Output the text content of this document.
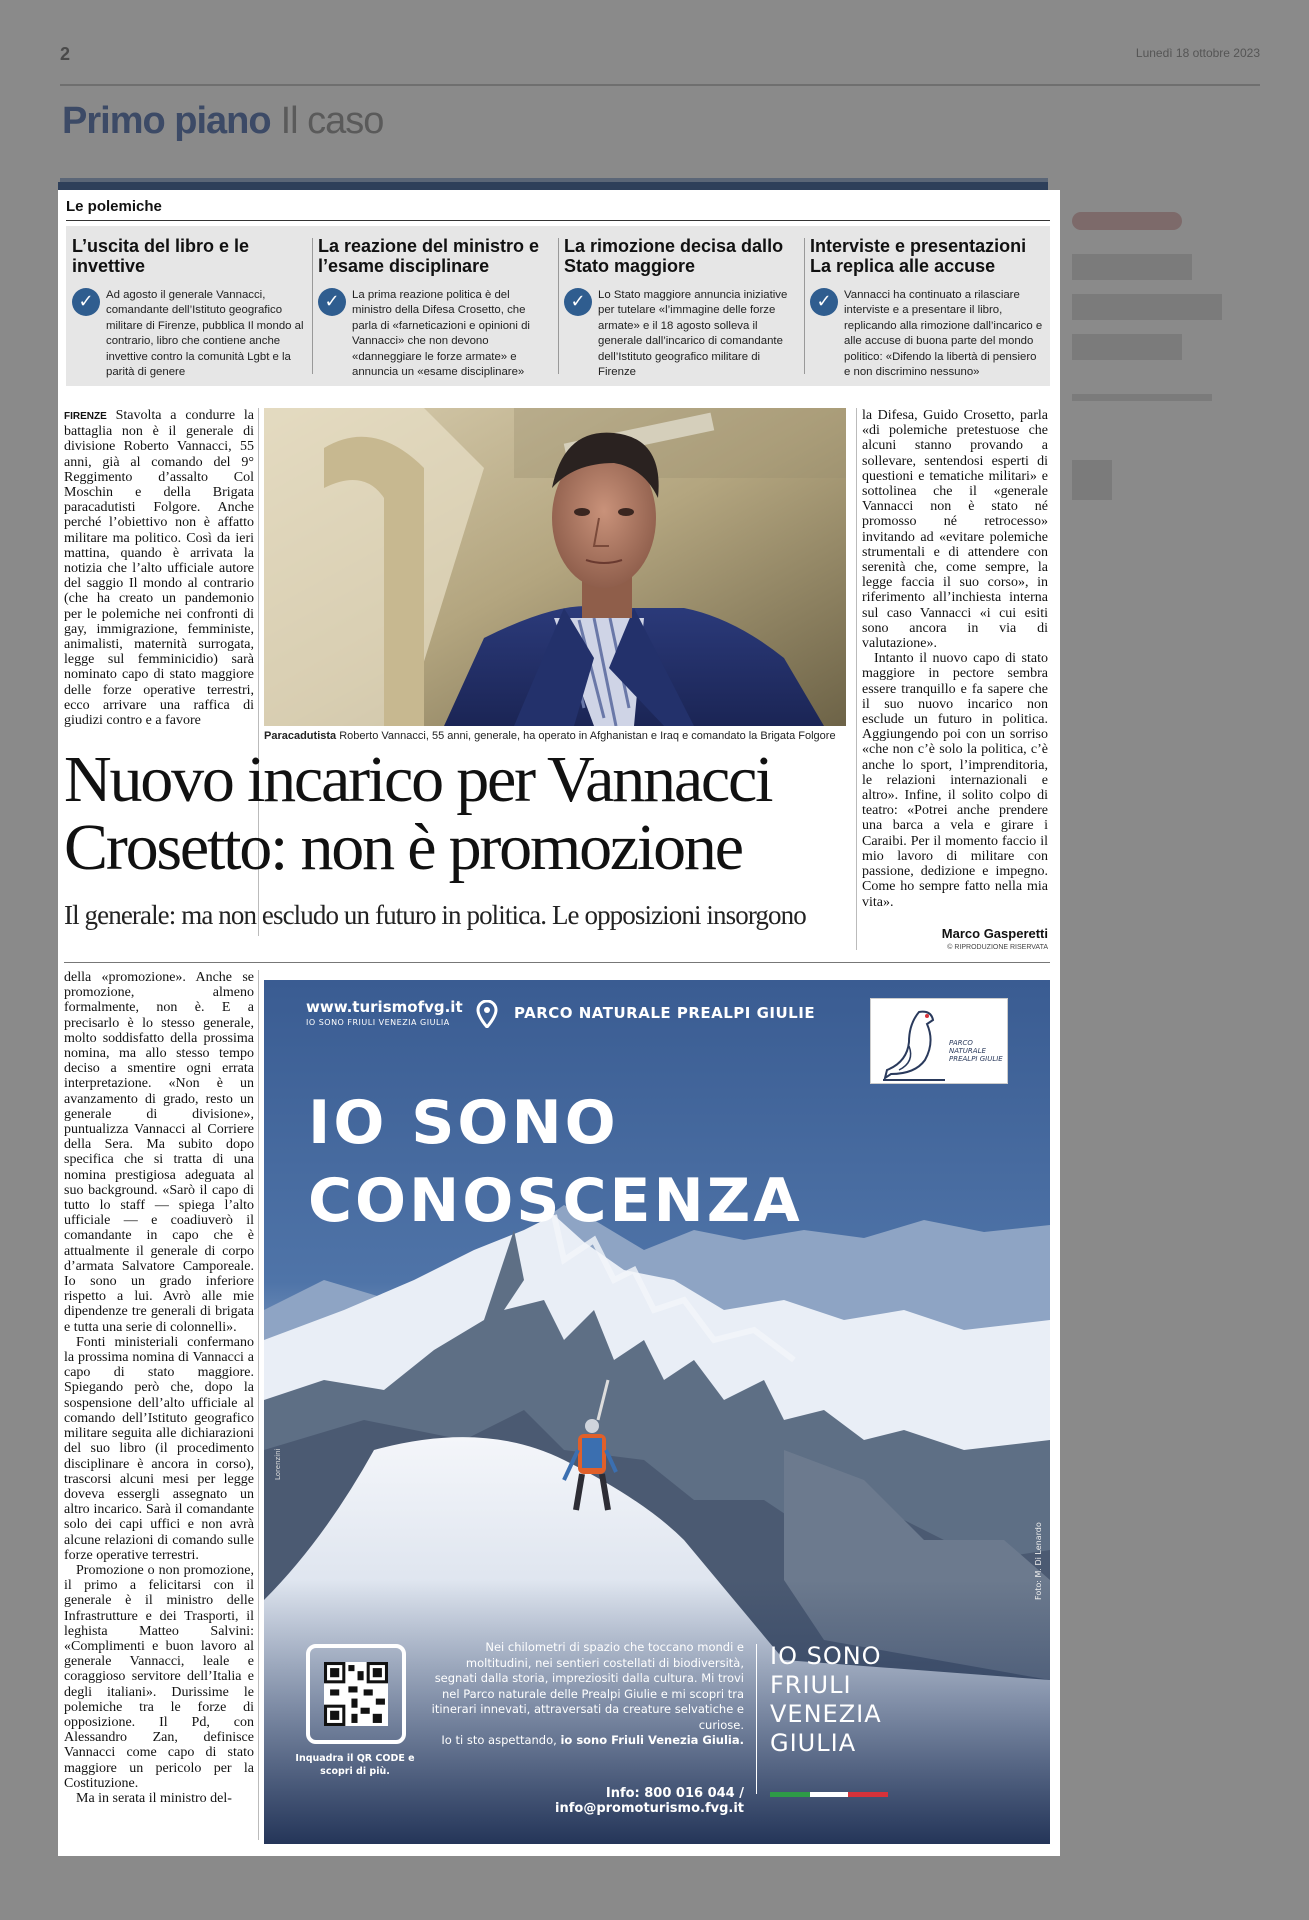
2	Lunedì 18 ottobre 2023
Primo piano Il caso
Le polemiche
L’uscita del libro e le invettive
✓	Ad agosto il generale Vannacci, comandante dell’Istituto geografico militare di Firenze, pubblica Il mondo al contrario, libro che contiene anche invettive contro la comunità Lgbt e la parità di genere

La reazione del ministro e l’esame disciplinare
✓	La prima reazione politica è del ministro della Difesa Crosetto, che parla di «farneticazioni e opinioni di Vannacci» che non devono «danneggiare le forze armate» e annuncia un «esame disciplinare»

La rimozione decisa dallo Stato maggiore
✓	Lo Stato maggiore annuncia iniziative per tutelare «l’immagine delle forze armate» e il 18 agosto solleva il generale dall’incarico di comandante dell’Istituto geografico militare di Firenze

Interviste e presentazioni La replica alle accuse
✓	Vannacci ha continuato a rilasciare interviste e a presentare il libro, replicando alla rimozione dall’incarico e alle accuse di buona parte del mondo politico: «Difendo la libertà di pensiero e non discrimino nessuno»

FIRENZE Stavolta a condurre la battaglia non è il generale di divisione Roberto Vannacci, 55 anni, già al comando del 9° Reggimento d’assalto Col Moschin e della Brigata paracadutisti Folgore. Anche perché l’obiettivo non è affatto militare ma politico. Così da ieri mattina, quando è arrivata la notizia che l’alto ufficiale autore del saggio Il mondo al contrario (che ha creato un pandemonio per le polemiche nei confronti di gay, immigrazione, femministe, animalisti, maternità surrogata, legge sul femminicidio) sarà nominato capo di stato maggiore delle forze operative terrestri, ecco arrivare una raffica di giudizi contro e a favore
Paracadutista Roberto Vannacci, 55 anni, generale, ha operato in Afghanistan e Iraq e comandato la Brigata Folgore
Nuovo incarico per Vannacci
Crosetto: non è promozione
Il generale: ma non escludo un futuro in politica. Le opposizioni insorgono

la Difesa, Guido Crosetto, parla «di polemiche pretestuose che alcuni stanno provando a sollevare, sentendosi esperti di questioni e tematiche militari» e sottolinea che il «generale Vannacci non è stato né promosso né retrocesso» invitando ad «evitare polemiche strumentali e di attendere con serenità che, come sempre, la legge faccia il suo corso», in riferimento all’inchiesta interna sul caso Vannacci «i cui esiti sono ancora in via di valutazione».

Intanto il nuovo capo di stato maggiore in pectore sembra essere tranquillo e fa sapere che il suo nuovo incarico non esclude un futuro in politica. Aggiungendo poi con un sorriso «che non c’è solo la politica, c’è anche lo sport, l’imprenditoria, le relazioni internazionali e altro». Infine, il solito colpo di teatro: «Potrei anche prendere una barca a vela e girare i Caraibi. Per il momento faccio il mio lavoro di militare con passione, dedizione e impegno. Come ho sempre fatto nella mia vita».

Marco Gasperetti
© RIPRODUZIONE RISERVATA

della «promozione». Anche se promozione, almeno formalmente, non è. E a precisarlo è lo stesso generale, molto soddisfatto della prossima nomina, ma allo stesso tempo deciso a smentire ogni errata interpretazione. «Non è un avanzamento di grado, resto un generale di divisione», puntualizza Vannacci al Corriere della Sera. Ma subito dopo specifica che si tratta di una nomina prestigiosa adeguata al suo background. «Sarò il capo di tutto lo staff — spiega l’alto ufficiale — e coadiuverò il comandante in capo che è attualmente il generale di corpo d’armata Salvatore Camporeale. Io sono un grado inferiore rispetto a lui. Avrò alle mie dipendenze tre generali di brigata e tutta una serie di colonnelli».

Fonti ministeriali confermano la prossima nomina di Vannacci a capo di stato maggiore. Spiegando però che, dopo la sospensione dell’alto ufficiale al comando dell’Istituto geografico militare seguita alle dichiarazioni del suo libro (il procedimento disciplinare è ancora in corso), trascorsi alcuni mesi per legge doveva essergli assegnato un altro incarico. Sarà il comandante solo dei capi uffici e non avrà alcune relazioni di comando sulle forze operative terrestri.

Promozione o non promozione, il primo a felicitarsi con il generale è il ministro delle Infrastrutture e dei Trasporti, il leghista Matteo Salvini: «Complimenti e buon lavoro al generale Vannacci, leale e coraggioso servitore dell’Italia e degli italiani». Durissime le polemiche tra le forze di opposizione. Il Pd, con Alessandro Zan, definisce Vannacci come capo di stato maggiore un pericolo per la Costituzione.

Ma in serata il ministro del-

www.turismofvg.it
IO SONO FRIULI VENEZIA GIULIA
PARCO NATURALE PREALPI GIULIE
PARCO NATURALE PREALPI GIULIE
IO SONO
CONOSCENZA
Lorenzini
Foto: M. Di Lenardo
Inquadra il QR CODE e scopri di più.
Nei chilometri di spazio che toccano mondi e moltitudini, nei sentieri costellati di biodiversità, segnati dalla storia, impreziositi dalla cultura. Mi trovi nel Parco naturale delle Prealpi Giulie e mi scopri tra itinerari innevati, attraversati da creature selvatiche e curiose.
Io ti sto aspettando, io sono Friuli Venezia Giulia.
Info: 800 016 044 / info@promoturismo.fvg.it
IO SONO
FRIULI
VENEZIA
GIULIA
